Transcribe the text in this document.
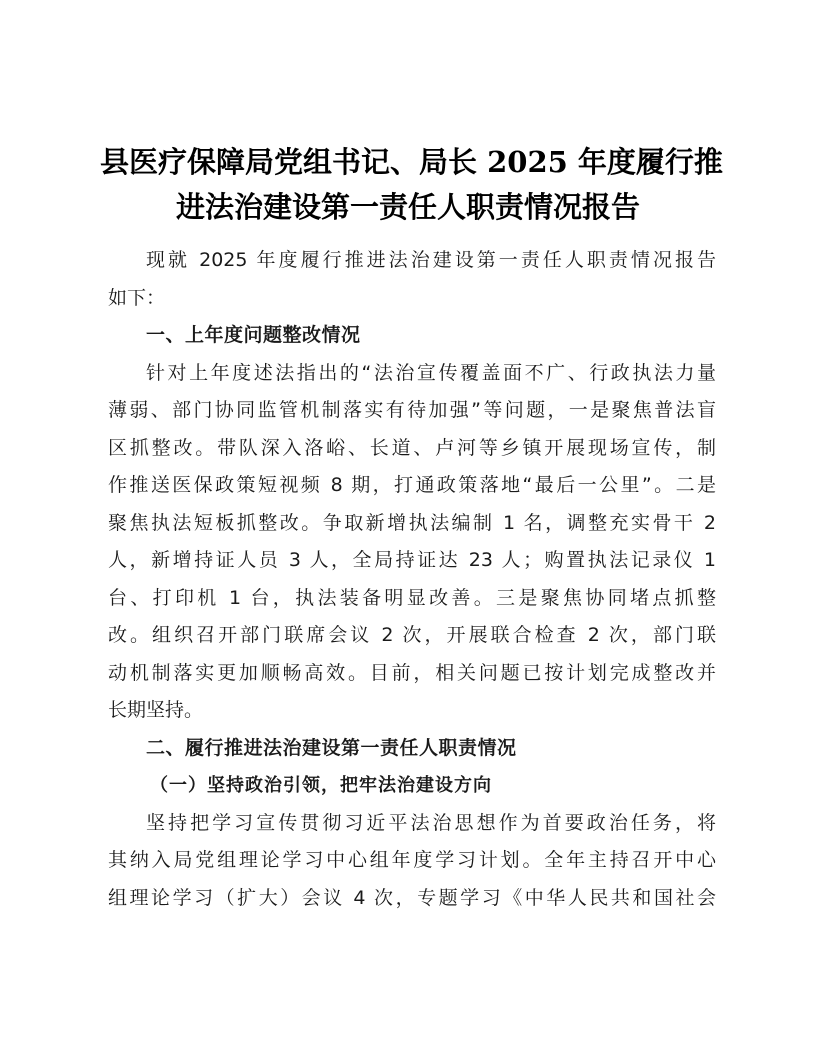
县医疗保障局党组书记、局长 2025 年度履行推
进法治建设第一责任人职责情况报告
现就 2025 年度履行推进法治建设第一责任人职责情况报告
如下：
一、上年度问题整改情况
针对上年度述法指出的“法治宣传覆盖面不广、行政执法力量
薄弱、部门协同监管机制落实有待加强”等问题，一是聚焦普法盲
区抓整改。带队深入洛峪、长道、卢河等乡镇开展现场宣传，制
作推送医保政策短视频 8 期，打通政策落地“最后一公里”。二是
聚焦执法短板抓整改。争取新增执法编制 1 名，调整充实骨干 2
人，新增持证人员 3 人，全局持证达 23 人；购置执法记录仪 1
台、打印机 1 台，执法装备明显改善。三是聚焦协同堵点抓整
改。组织召开部门联席会议 2 次，开展联合检查 2 次，部门联
动机制落实更加顺畅高效。目前，相关问题已按计划完成整改并
长期坚持。
二、履行推进法治建设第一责任人职责情况
（一）坚持政治引领，把牢法治建设方向
坚持把学习宣传贯彻习近平法治思想作为首要政治任务，将
其纳入局党组理论学习中心组年度学习计划。全年主持召开中心
组理论学习（扩大）会议 4 次，专题学习《中华人民共和国社会
